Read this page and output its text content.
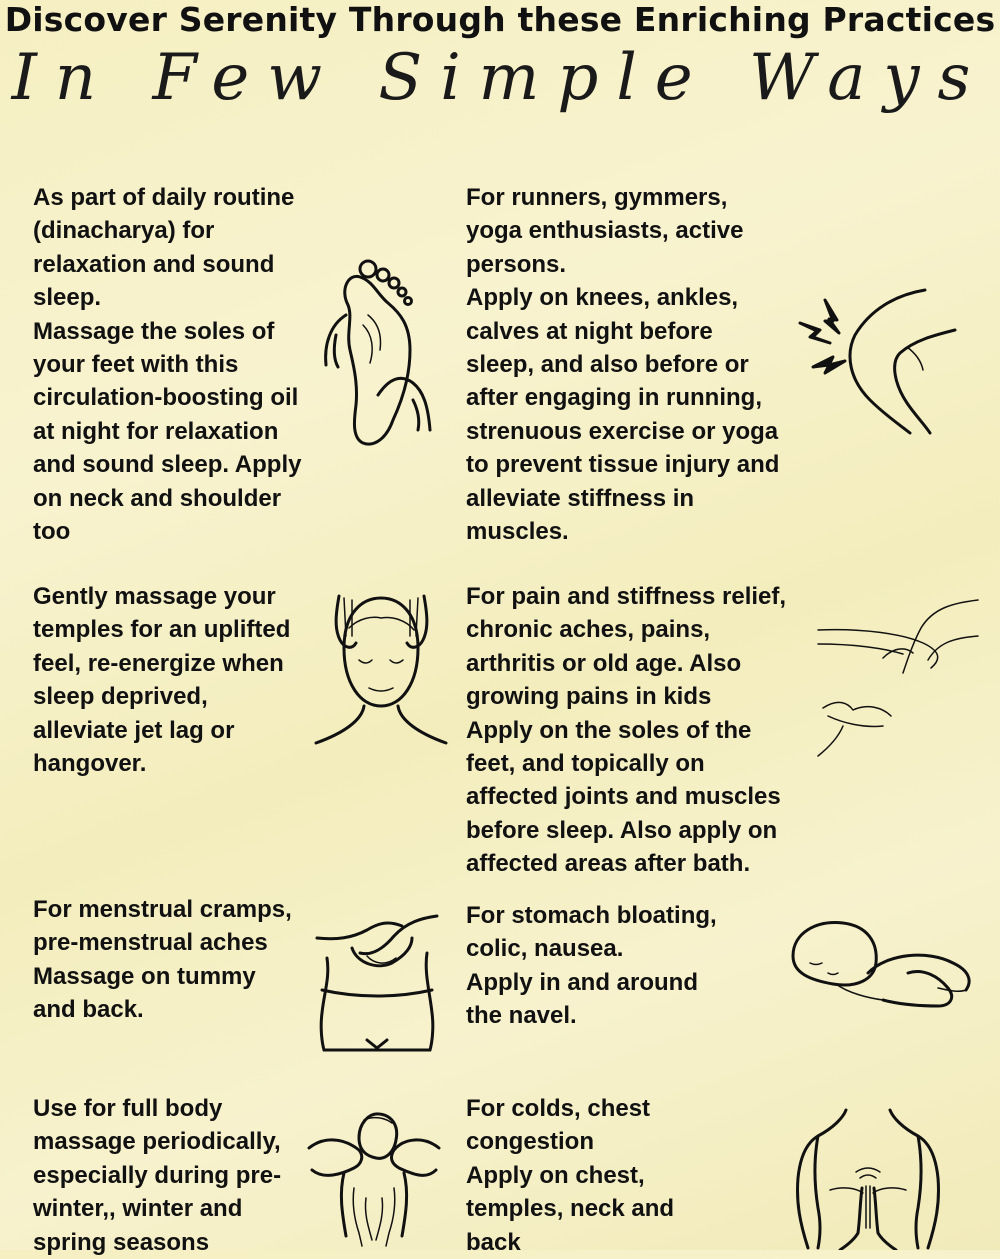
Discover Serenity Through these Enriching Practices
In Few Simple Ways

As part of daily routine
(dinacharya) for
relaxation and sound
sleep.
Massage the soles of
your feet with this
circulation-boosting oil
at night for relaxation
and sound sleep. Apply
on neck and shoulder
too

For runners, gymmers,
yoga enthusiasts, active
persons.
Apply on knees, ankles,
calves at night before
sleep, and also before or
after engaging in running,
strenuous exercise or yoga
to prevent tissue injury and
alleviate stiffness in
muscles.

Gently massage your
temples for an uplifted
feel, re-energize when
sleep deprived,
alleviate jet lag or
hangover.

For pain and stiffness relief,
chronic aches, pains,
arthritis or old age. Also
growing pains in kids
Apply on the soles of the
feet, and topically on
affected joints and muscles
before sleep. Also apply on
affected areas after bath.

For menstrual cramps,
pre-menstrual aches
Massage on tummy
and back.

For stomach bloating,
colic, nausea.
Apply in and around
the navel.

Use for full body
massage periodically,
especially during pre-
winter,, winter and
spring seasons

For colds, chest
congestion
Apply on chest,
temples, neck and
back
